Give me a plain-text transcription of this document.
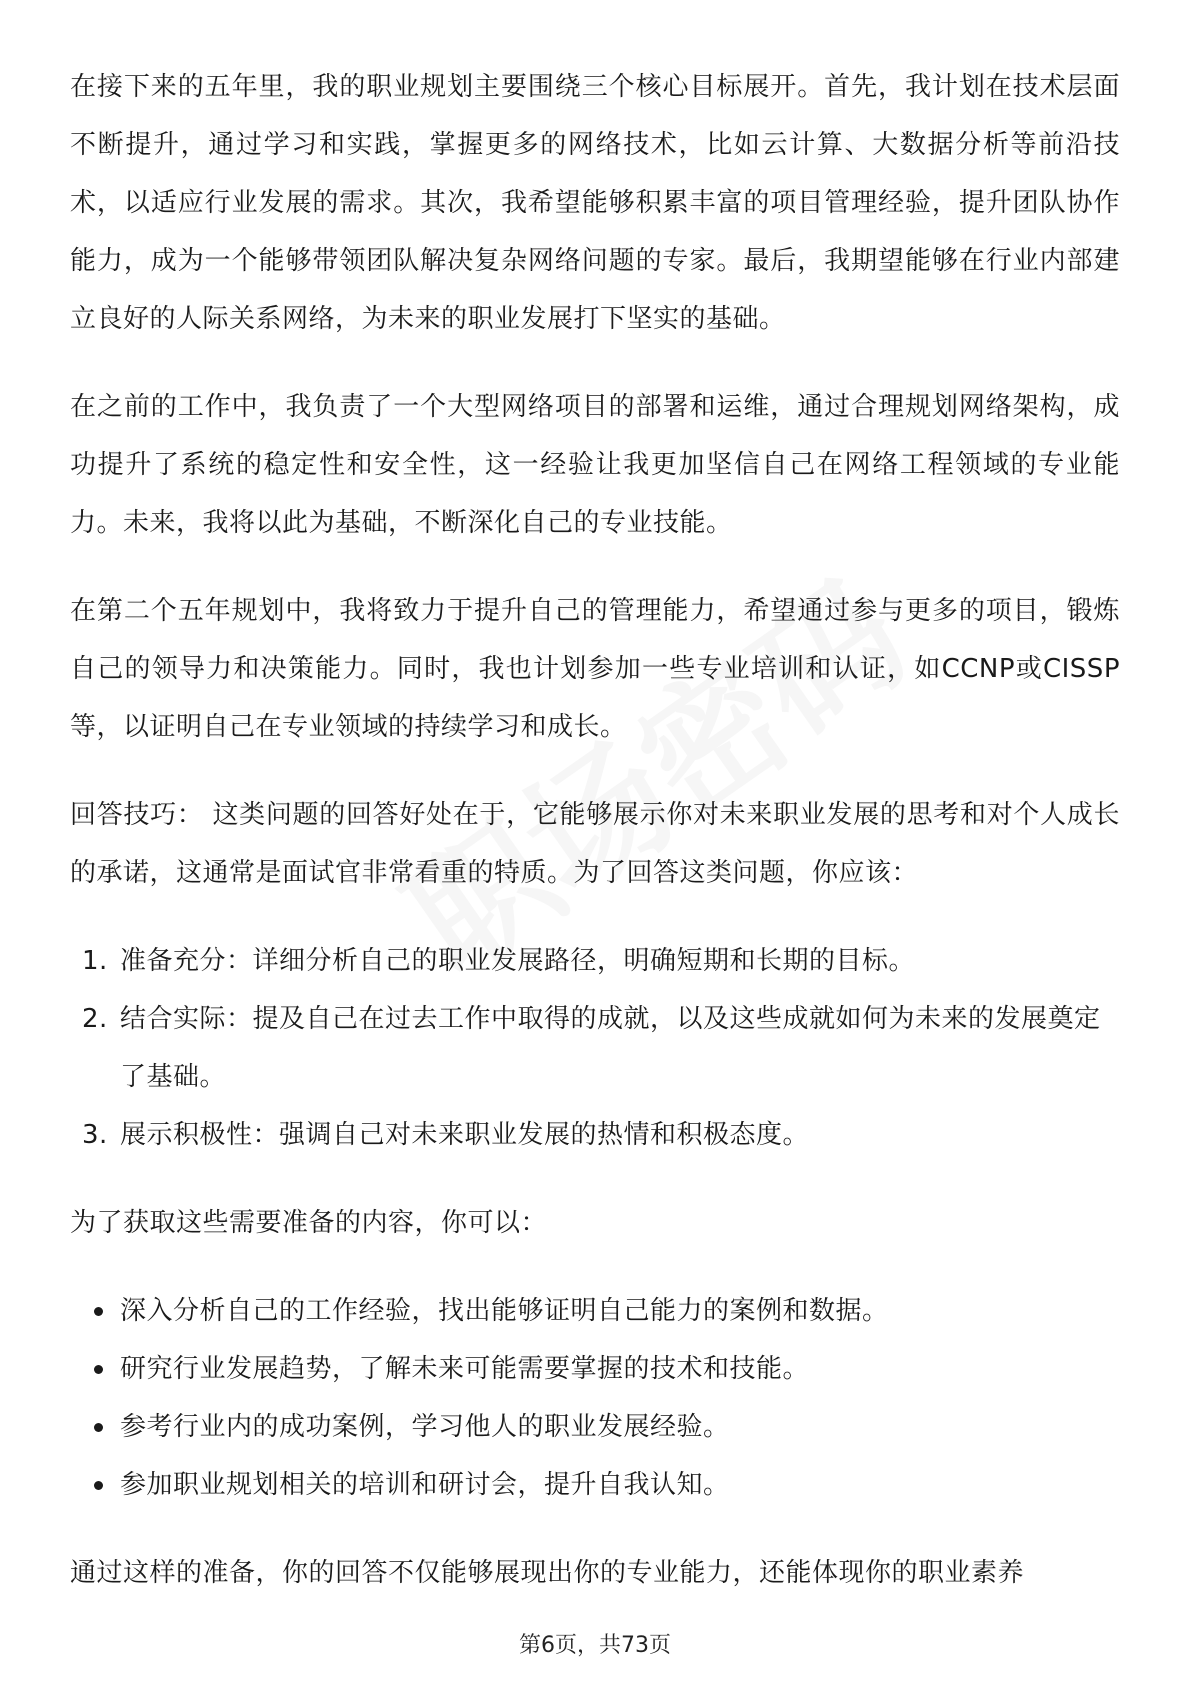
在接下来的五年里，我的职业规划主要围绕三个核心目标展开。首先，我计划在技术层面不断提升，通过学习和实践，掌握更多的网络技术，比如云计算、大数据分析等前沿技术，以适应行业发展的需求。其次，我希望能够积累丰富的项目管理经验，提升团队协作能力，成为一个能够带领团队解决复杂网络问题的专家。最后，我期望能够在行业内部建立良好的人际关系网络，为未来的职业发展打下坚实的基础。

在之前的工作中，我负责了一个大型网络项目的部署和运维，通过合理规划网络架构，成功提升了系统的稳定性和安全性，这一经验让我更加坚信自己在网络工程领域的专业能力。未来，我将以此为基础，不断深化自己的专业技能。

在第二个五年规划中，我将致力于提升自己的管理能力，希望通过参与更多的项目，锻炼自己的领导力和决策能力。同时，我也计划参加一些专业培训和认证，如CCNP或CISSP等，以证明自己在专业领域的持续学习和成长。

回答技巧： 这类问题的回答好处在于，它能够展示你对未来职业发展的思考和对个人成长的承诺，这通常是面试官非常看重的特质。为了回答这类问题，你应该：

1. 准备充分：详细分析自己的职业发展路径，明确短期和长期的目标。
2. 结合实际：提及自己在过去工作中取得的成就，以及这些成就如何为未来的发展奠定了基础。
3. 展示积极性：强调自己对未来职业发展的热情和积极态度。

为了获取这些需要准备的内容，你可以：

深入分析自己的工作经验，找出能够证明自己能力的案例和数据。
研究行业发展趋势，了解未来可能需要掌握的技术和技能。
参考行业内的成功案例，学习他人的职业发展经验。
参加职业规划相关的培训和研讨会，提升自我认知。

通过这样的准备，你的回答不仅能够展现出你的专业能力，还能体现你的职业素养

第6页，共73页
